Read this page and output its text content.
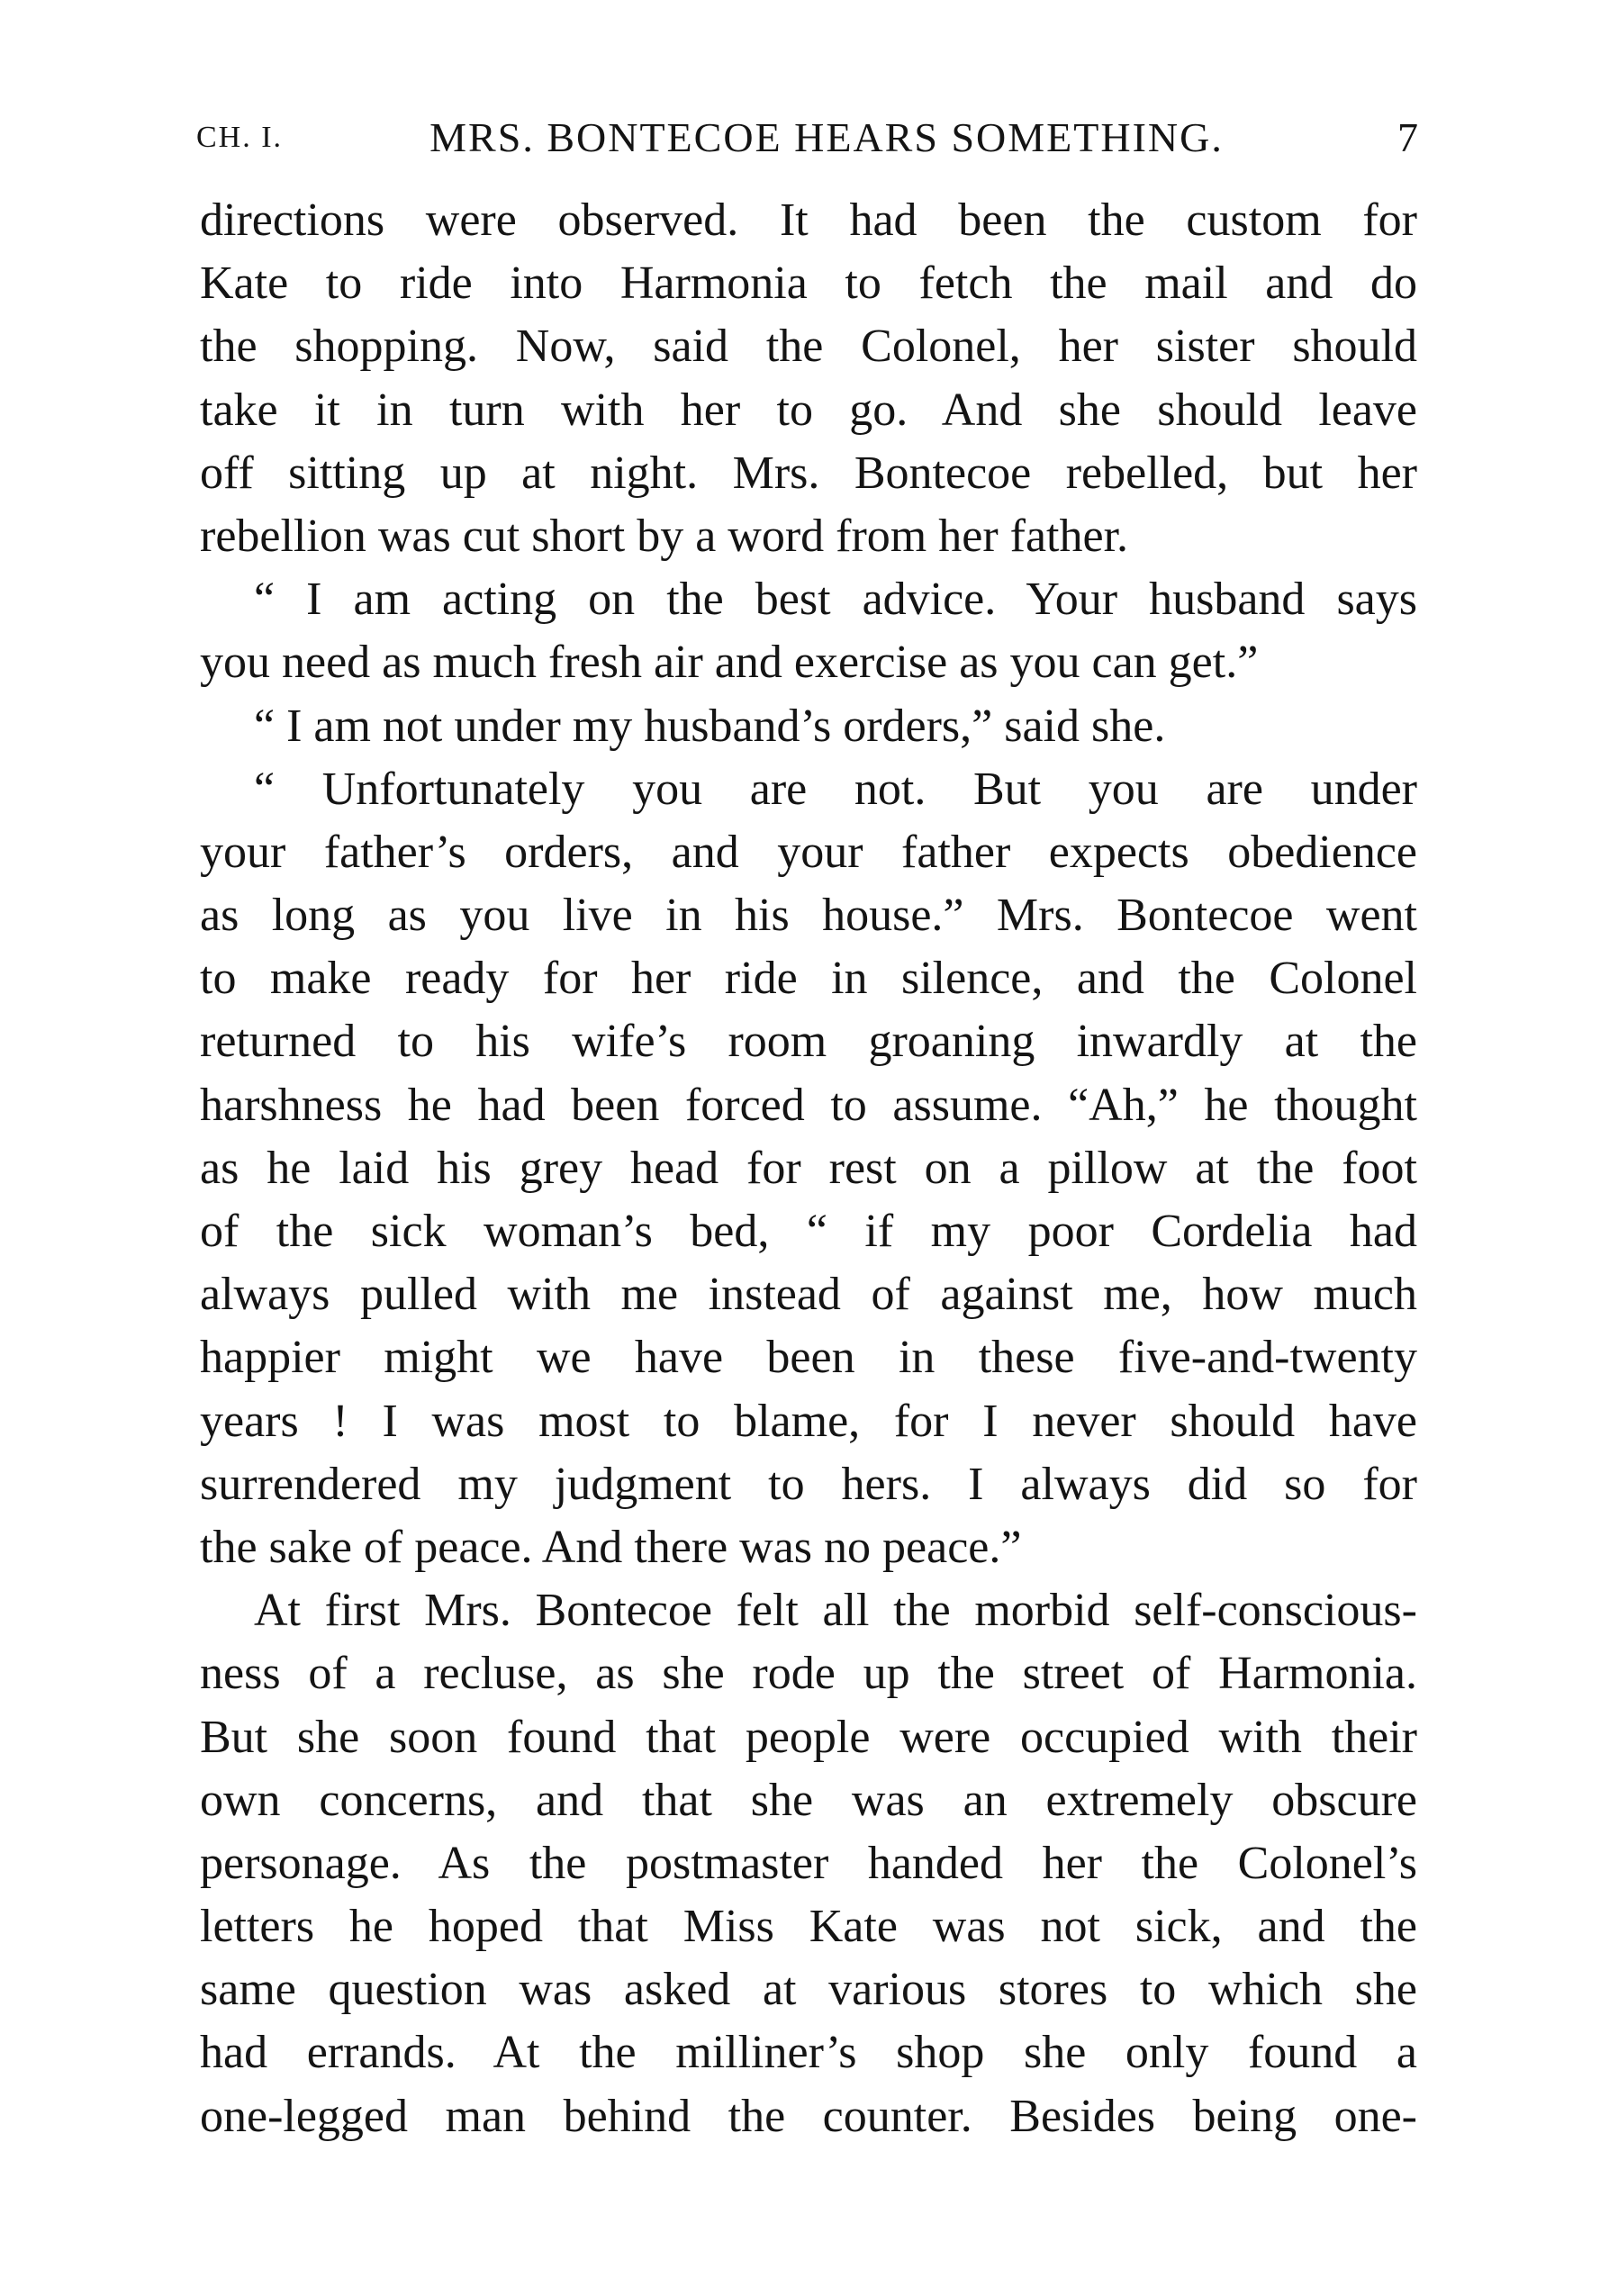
CH. I.	MRS. BONTECOE HEARS SOMETHING.	7
directions were observed. It had been the custom for
Kate to ride into Harmonia to fetch the mail and do
the shopping. Now, said the Colonel, her sister should
take it in turn with her to go. And she should leave
off sitting up at night. Mrs. Bontecoe rebelled, but her
rebellion was cut short by a word from her father.
“ I am acting on the best advice. Your husband says
you need as much fresh air and exercise as you can get.”
“ I am not under my husband’s orders,” said she.
“ Unfortunately you are not. But you are under
your father’s orders, and your father expects obedience
as long as you live in his house.” Mrs. Bontecoe went
to make ready for her ride in silence, and the Colonel
returned to his wife’s room groaning inwardly at the
harshness he had been forced to assume. “Ah,” he thought
as he laid his grey head for rest on a pillow at the foot
of the sick woman’s bed, “ if my poor Cordelia had
always pulled with me instead of against me, how much
happier might we have been in these five-and-twenty
years ! I was most to blame, for I never should have
surrendered my judgment to hers. I always did so for
the sake of peace. And there was no peace.”
At first Mrs. Bontecoe felt all the morbid self-conscious-
ness of a recluse, as she rode up the street of Harmonia.
But she soon found that people were occupied with their
own concerns, and that she was an extremely obscure
personage. As the postmaster handed her the Colonel’s
letters he hoped that Miss Kate was not sick, and the
same question was asked at various stores to which she
had errands. At the milliner’s shop she only found a
one-legged man behind the counter. Besides being one-
